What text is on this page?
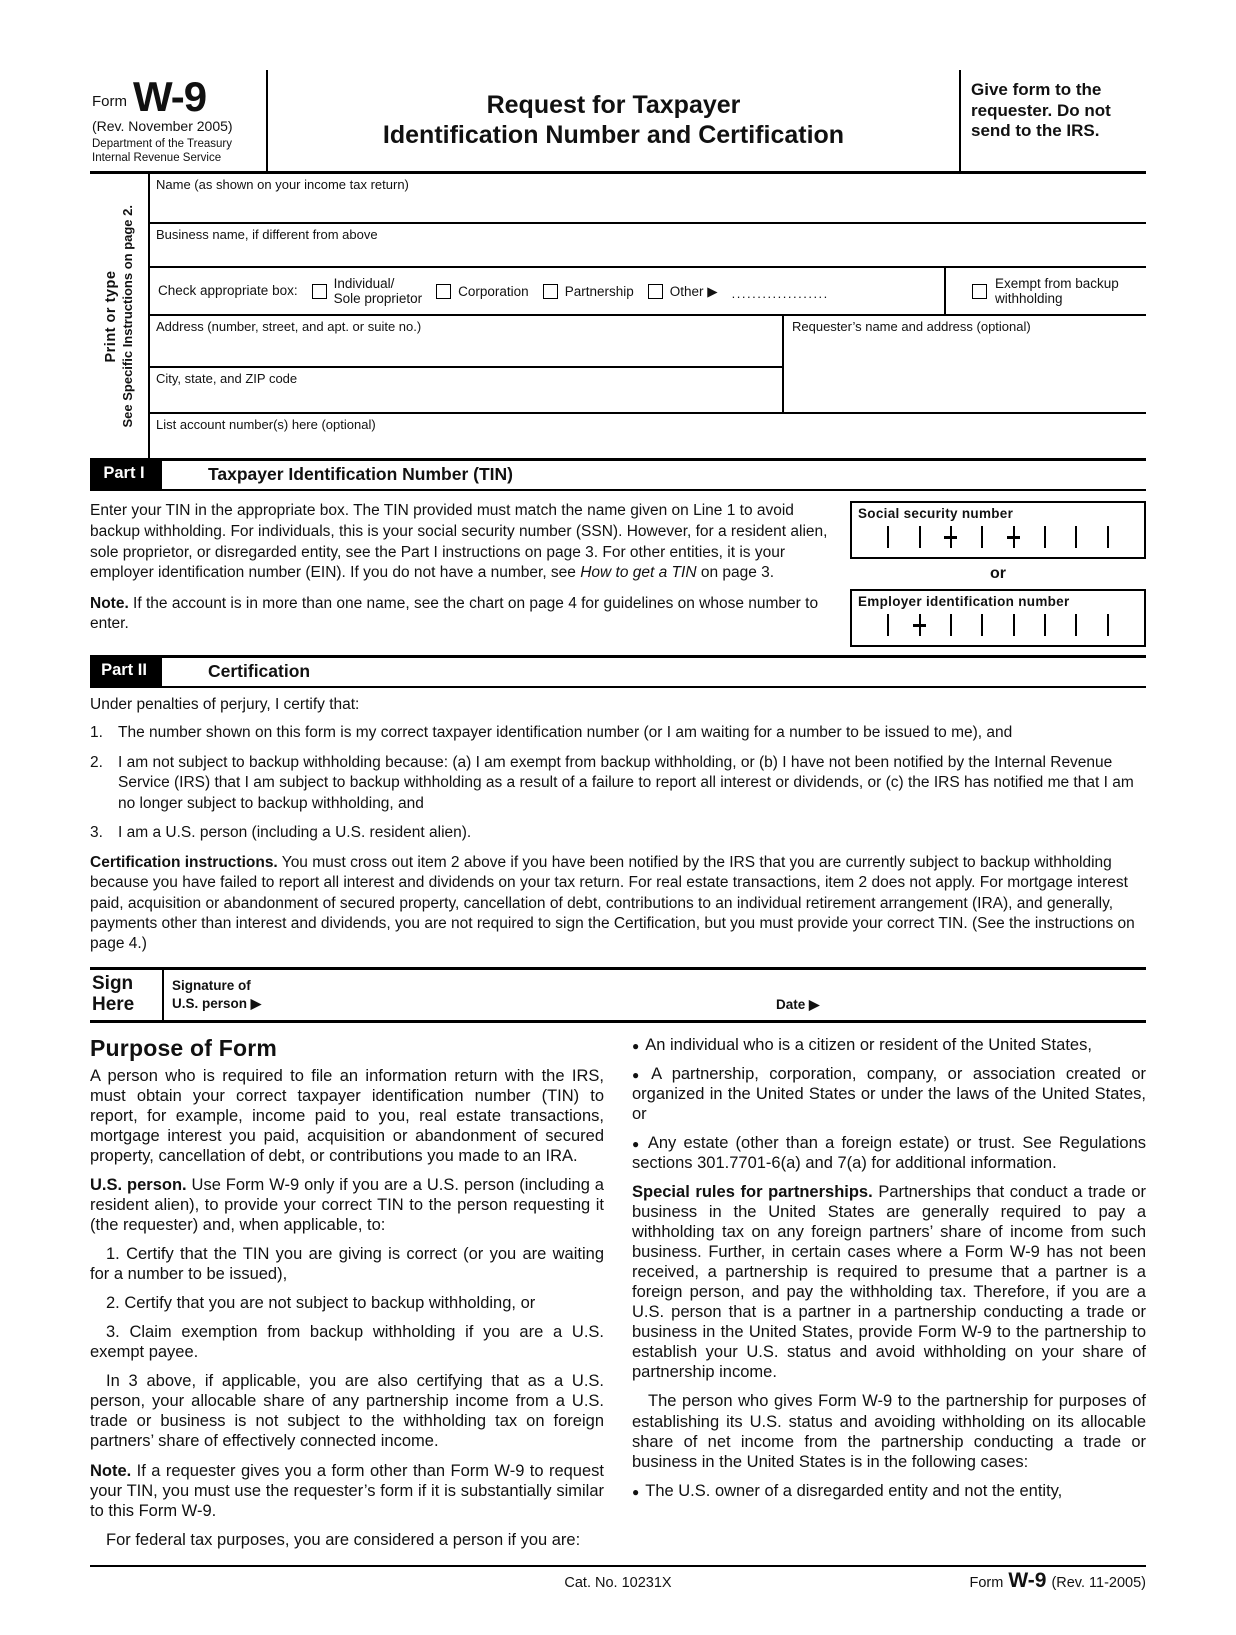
Form W-9
(Rev. November 2005)
Department of the Treasury
Internal Revenue Service
Request for Taxpayer
Identification Number and Certification
Give form to the requester. Do not send to the IRS.
Print or type See Specific Instructions on page 2.
Name (as shown on your income tax return)
Business name, if different from above
Check appropriate box:	Individual/
Sole proprietor
Corporation	Partnership	Other ▶ ...................
Exempt from backup
withholding
Address (number, street, and apt. or suite no.)
City, state, and ZIP code
Requester’s name and address (optional)
List account number(s) here (optional)
Part I	Taxpayer Identification Number (TIN)

Enter your TIN in the appropriate box. The TIN provided must match the name given on Line 1 to avoid backup withholding. For individuals, this is your social security number (SSN). However, for a resident alien, sole proprietor, or disregarded entity, see the Part I instructions on page 3. For other entities, it is your employer identification number (EIN). If you do not have a number, see How to get a TIN on page 3.

Note. If the account is in more than one name, see the chart on page 4 for guidelines on whose number to enter.

Social security number
or
Employer identification number
Part II	Certification

Under penalties of perjury, I certify that:

1. The number shown on this form is my correct taxpayer identification number (or I am waiting for a number to be issued to me), and
2. I am not subject to backup withholding because: (a) I am exempt from backup withholding, or (b) I have not been notified by the Internal Revenue Service (IRS) that I am subject to backup withholding as a result of a failure to report all interest or dividends, or (c) the IRS has notified me that I am no longer subject to backup withholding, and
3. I am a U.S. person (including a U.S. resident alien).

Certification instructions. You must cross out item 2 above if you have been notified by the IRS that you are currently subject to backup withholding because you have failed to report all interest and dividends on your tax return. For real estate transactions, item 2 does not apply. For mortgage interest paid, acquisition or abandonment of secured property, cancellation of debt, contributions to an individual retirement arrangement (IRA), and generally, payments other than interest and dividends, you are not required to sign the Certification, but you must provide your correct TIN. (See the instructions on page 4.)

Sign
Here
Signature of
U.S. person ▶	Date ▶
Purpose of Form

A person who is required to file an information return with the IRS, must obtain your correct taxpayer identification number (TIN) to report, for example, income paid to you, real estate transactions, mortgage interest you paid, acquisition or abandonment of secured property, cancellation of debt, or contributions you made to an IRA.

U.S. person. Use Form W-9 only if you are a U.S. person (including a resident alien), to provide your correct TIN to the person requesting it (the requester) and, when applicable, to:

1. Certify that the TIN you are giving is correct (or you are waiting for a number to be issued),

2. Certify that you are not subject to backup withholding, or

3. Claim exemption from backup withholding if you are a U.S. exempt payee.

In 3 above, if applicable, you are also certifying that as a U.S. person, your allocable share of any partnership income from a U.S. trade or business is not subject to the withholding tax on foreign partners’ share of effectively connected income.

Note. If a requester gives you a form other than Form W-9 to request your TIN, you must use the requester’s form if it is substantially similar to this Form W-9.

For federal tax purposes, you are considered a person if you are:

● An individual who is a citizen or resident of the United States,

● A partnership, corporation, company, or association created or organized in the United States or under the laws of the United States, or

● Any estate (other than a foreign estate) or trust. See Regulations sections 301.7701-6(a) and 7(a) for additional information.

Special rules for partnerships. Partnerships that conduct a trade or business in the United States are generally required to pay a withholding tax on any foreign partners’ share of income from such business. Further, in certain cases where a Form W-9 has not been received, a partnership is required to presume that a partner is a foreign person, and pay the withholding tax. Therefore, if you are a U.S. person that is a partner in a partnership conducting a trade or business in the United States, provide Form W-9 to the partnership to establish your U.S. status and avoid withholding on your share of partnership income.

The person who gives Form W-9 to the partnership for purposes of establishing its U.S. status and avoiding withholding on its allocable share of net income from the partnership conducting a trade or business in the United States is in the following cases:

● The U.S. owner of a disregarded entity and not the entity,

Cat. No. 10231X	Form W-9 (Rev. 11-2005)
